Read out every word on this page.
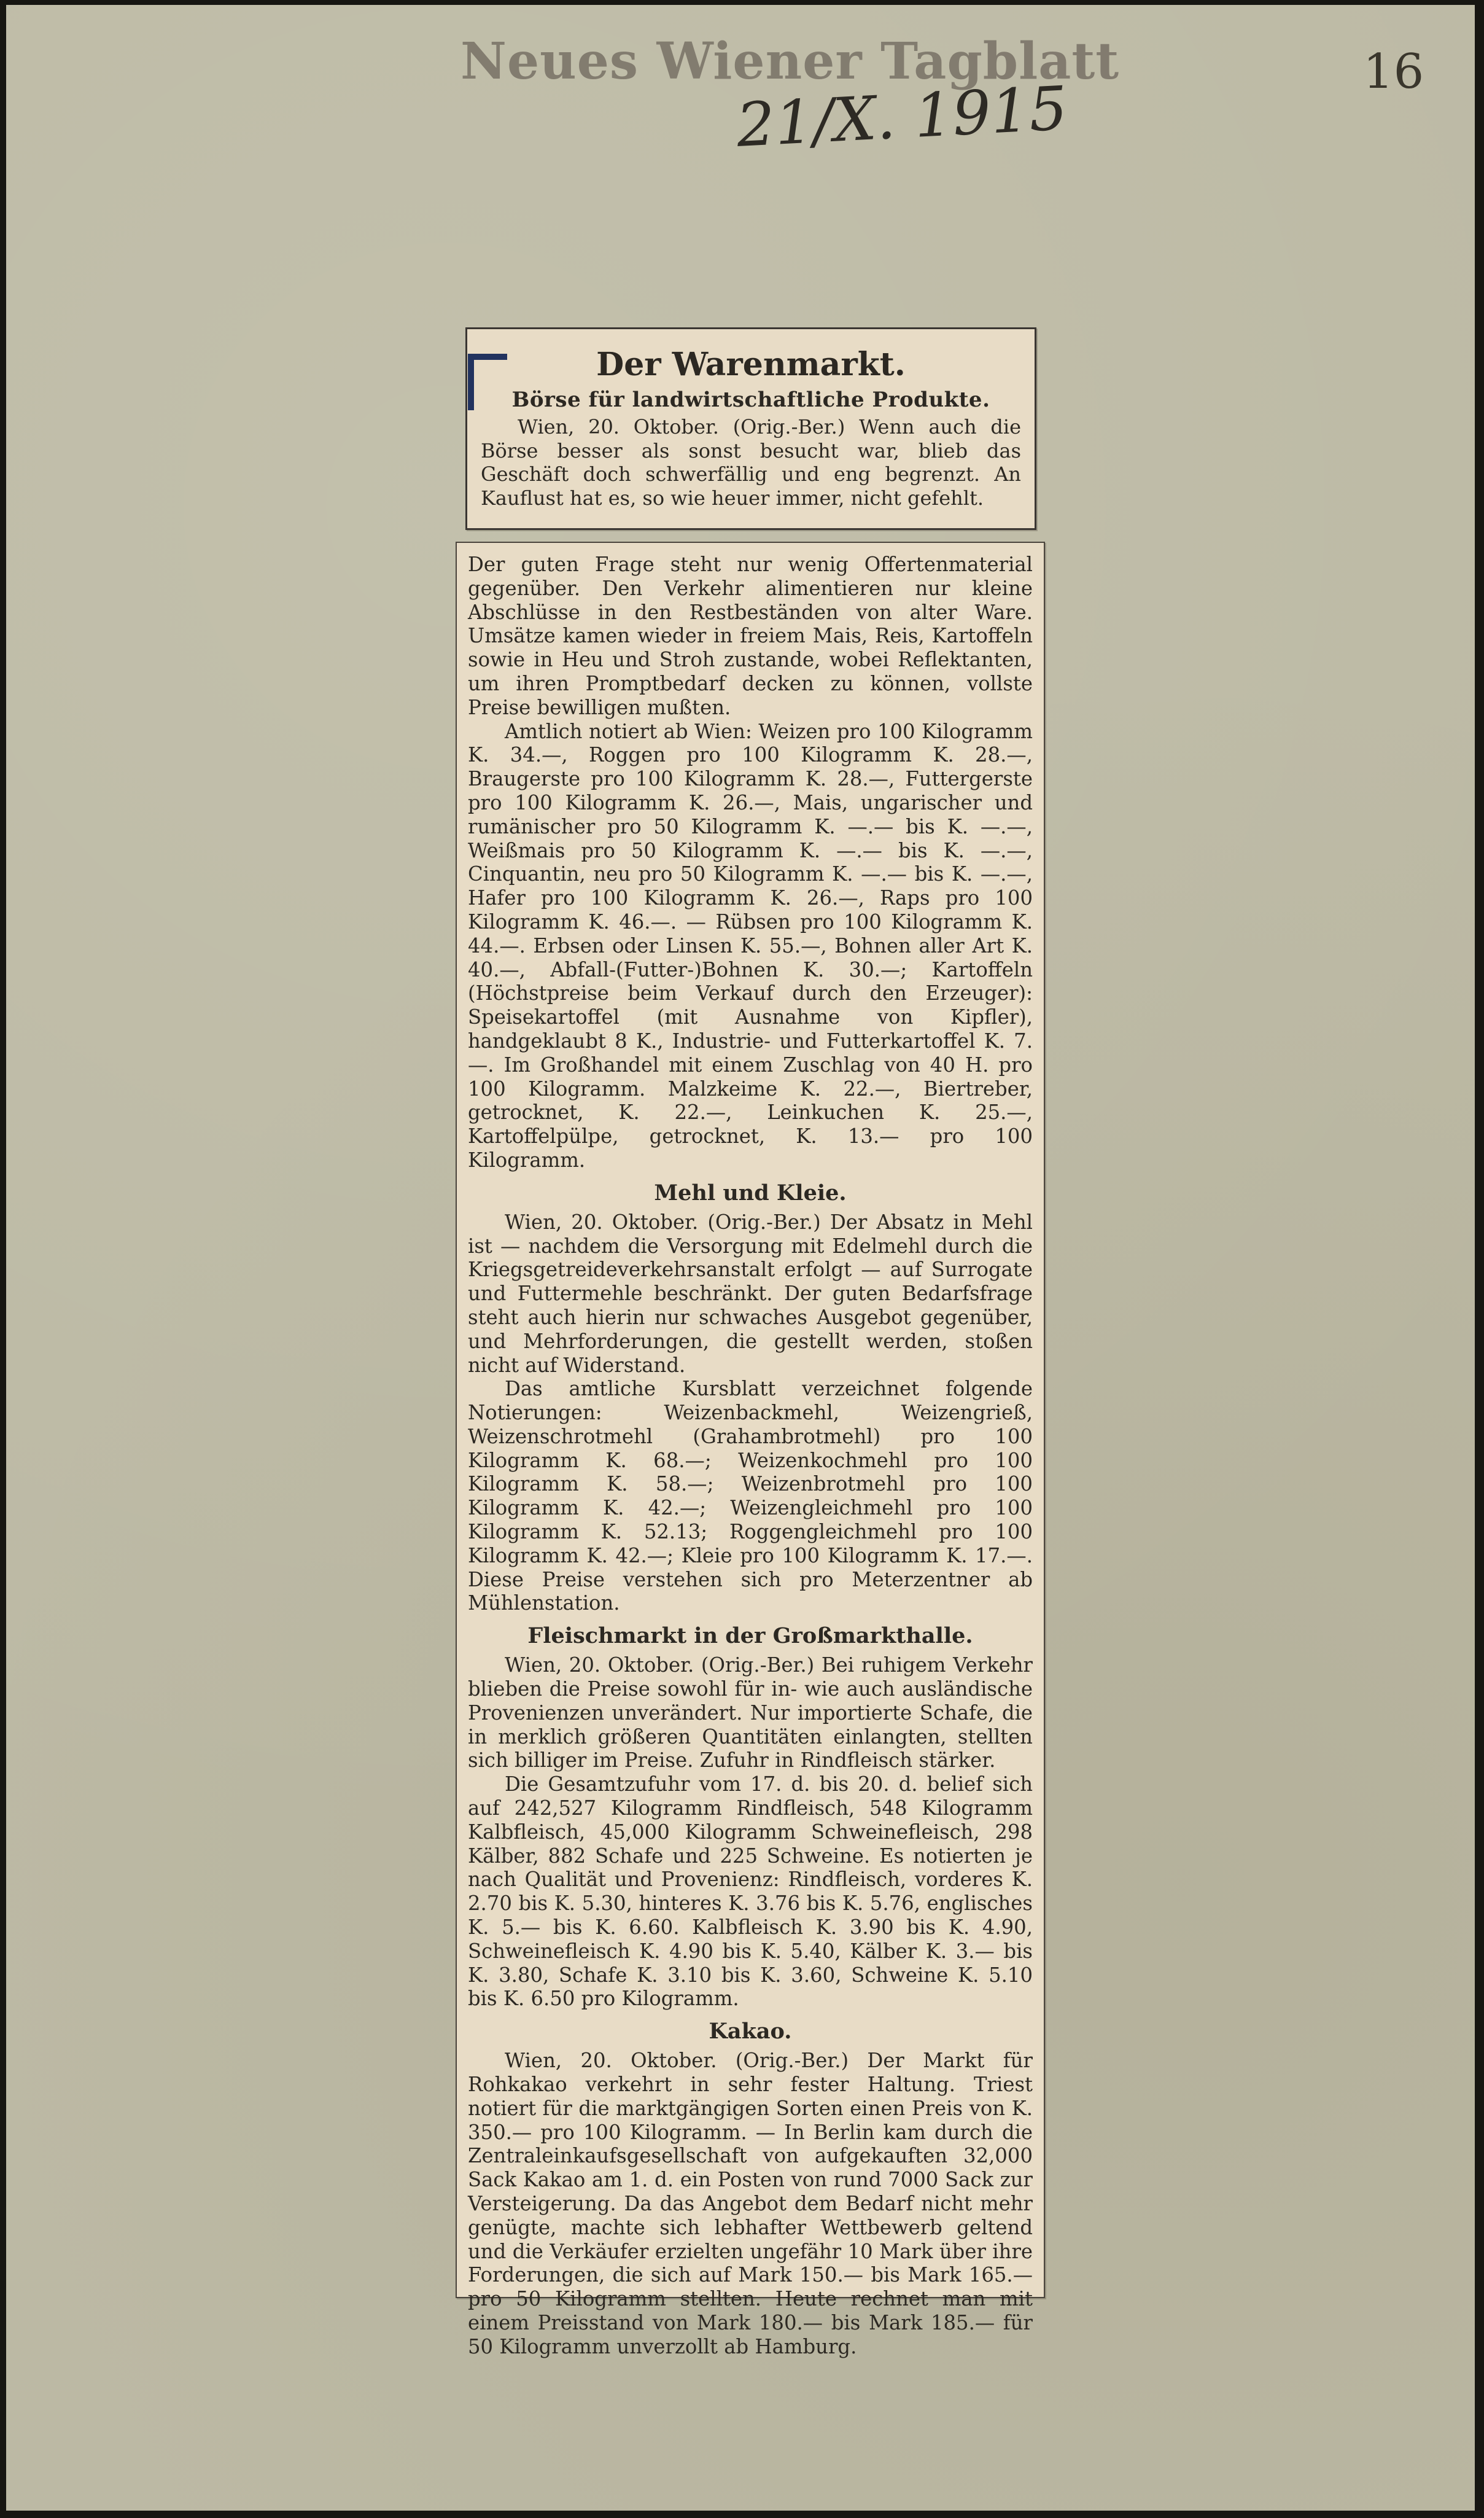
Neues Wiener Tagblatt	16
21/X. 1915
Der Warenmarkt.
Börse für landwirtschaftliche Produkte.

Wien, 20. Oktober. (Orig.-Ber.) Wenn auch die Börse besser als sonst besucht war, blieb das Geschäft doch schwerfällig und eng begrenzt. An Kauflust hat es, so wie heuer immer, nicht gefehlt.

Der guten Frage steht nur wenig Offertenmaterial gegenüber. Den Verkehr alimentieren nur kleine Abschlüsse in den Restbeständen von alter Ware. Umsätze kamen wieder in freiem Mais, Reis, Kartoffeln sowie in Heu und Stroh zustande, wobei Reflektanten, um ihren Promptbedarf decken zu können, vollste Preise bewilligen mußten.

Amtlich notiert ab Wien: Weizen pro 100 Kilogramm K. 34.—, Roggen pro 100 Kilogramm K. 28.—, Braugerste pro 100 Kilogramm K. 28.—, Futtergerste pro 100 Kilogramm K. 26.—, Mais, ungarischer und rumänischer pro 50 Kilogramm K. —.— bis K. —.—, Weißmais pro 50 Kilogramm K. —.— bis K. —.—, Cinquantin, neu pro 50 Kilogramm K. —.— bis K. —.—, Hafer pro 100 Kilogramm K. 26.—, Raps pro 100 Kilogramm K. 46.—. — Rübsen pro 100 Kilogramm K. 44.—. Erbsen oder Linsen K. 55.—, Bohnen aller Art K. 40.—, Abfall-(Futter-)Bohnen K. 30.—; Kartoffeln (Höchstpreise beim Verkauf durch den Erzeuger): Speisekartoffel (mit Ausnahme von Kipfler), handgeklaubt 8 K., Industrie- und Futterkartoffel K. 7.—. Im Großhandel mit einem Zuschlag von 40 H. pro 100 Kilogramm. Malzkeime K. 22.—, Biertreber, getrocknet, K. 22.—, Leinkuchen K. 25.—, Kartoffelpülpe, getrocknet, K. 13.— pro 100 Kilogramm.

Mehl und Kleie.

Wien, 20. Oktober. (Orig.-Ber.) Der Absatz in Mehl ist — nachdem die Versorgung mit Edelmehl durch die Kriegsgetreideverkehrsanstalt erfolgt — auf Surrogate und Futtermehle beschränkt. Der guten Bedarfsfrage steht auch hierin nur schwaches Ausgebot gegenüber, und Mehrforderungen, die gestellt werden, stoßen nicht auf Widerstand.

Das amtliche Kursblatt verzeichnet folgende Notierungen: Weizenbackmehl, Weizengrieß, Weizenschrotmehl (Grahambrotmehl) pro 100 Kilogramm K. 68.—; Weizenkochmehl pro 100 Kilogramm K. 58.—; Weizenbrotmehl pro 100 Kilogramm K. 42.—; Weizengleichmehl pro 100 Kilogramm K. 52.13; Roggengleichmehl pro 100 Kilogramm K. 42.—; Kleie pro 100 Kilogramm K. 17.—. Diese Preise verstehen sich pro Meterzentner ab Mühlenstation.

Fleischmarkt in der Großmarkthalle.

Wien, 20. Oktober. (Orig.-Ber.) Bei ruhigem Verkehr blieben die Preise sowohl für in- wie auch ausländische Provenienzen unverändert. Nur importierte Schafe, die in merklich größeren Quantitäten einlangten, stellten sich billiger im Preise. Zufuhr in Rindfleisch stärker.

Die Gesamtzufuhr vom 17. d. bis 20. d. belief sich auf 242,527 Kilogramm Rindfleisch, 548 Kilogramm Kalbfleisch, 45,000 Kilogramm Schweinefleisch, 298 Kälber, 882 Schafe und 225 Schweine. Es notierten je nach Qualität und Provenienz: Rindfleisch, vorderes K. 2.70 bis K. 5.30, hinteres K. 3.76 bis K. 5.76, englisches K. 5.— bis K. 6.60. Kalbfleisch K. 3.90 bis K. 4.90, Schweinefleisch K. 4.90 bis K. 5.40, Kälber K. 3.— bis K. 3.80, Schafe K. 3.10 bis K. 3.60, Schweine K. 5.10 bis K. 6.50 pro Kilogramm.

Kakao.

Wien, 20. Oktober. (Orig.-Ber.) Der Markt für Rohkakao verkehrt in sehr fester Haltung. Triest notiert für die marktgängigen Sorten einen Preis von K. 350.— pro 100 Kilogramm. — In Berlin kam durch die Zentraleinkaufsgesellschaft von aufgekauften 32,000 Sack Kakao am 1. d. ein Posten von rund 7000 Sack zur Versteigerung. Da das Angebot dem Bedarf nicht mehr genügte, machte sich lebhafter Wettbewerb geltend und die Verkäufer erzielten ungefähr 10 Mark über ihre Forderungen, die sich auf Mark 150.— bis Mark 165.— pro 50 Kilogramm stellten. Heute rechnet man mit einem Preisstand von Mark 180.— bis Mark 185.— für 50 Kilogramm unverzollt ab Hamburg.
